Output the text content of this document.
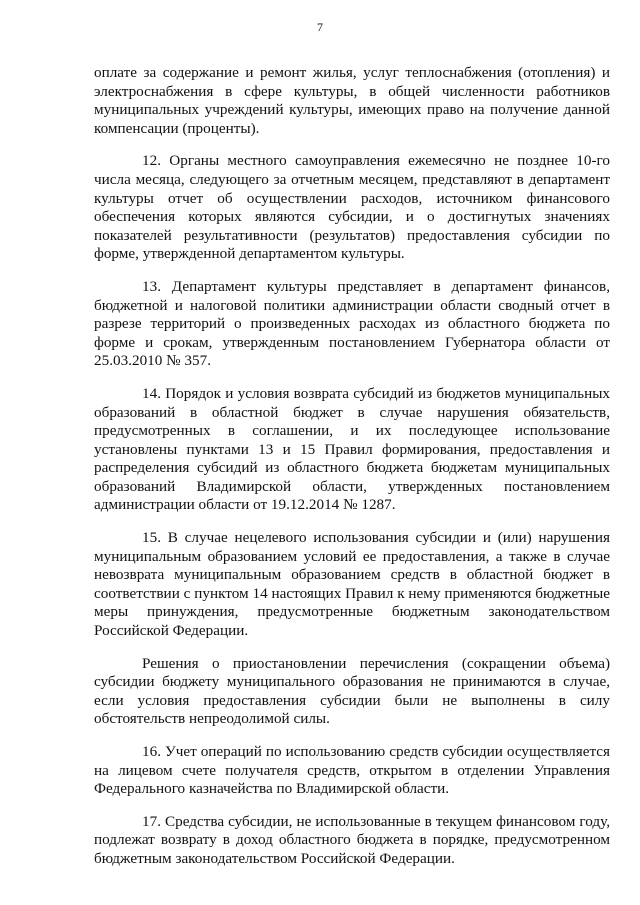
7

оплате за содержание и ремонт жилья, услуг теплоснабжения (отопления) и электроснабжения в сфере культуры, в общей численности работников муниципальных учреждений культуры, имеющих право на получение данной компенсации (проценты).

12. Органы местного самоуправления ежемесячно не позднее 10-го числа месяца, следующего за отчетным месяцем, представляют в департамент культуры отчет об осуществлении расходов, источником финансового обеспечения которых являются субсидии, и о достигнутых значениях показателей результативности (результатов) предоставления субсидии по форме, утвержденной департаментом культуры.

13. Департамент культуры представляет в департамент финансов, бюджетной и налоговой политики администрации области сводный отчет в разрезе территорий о произведенных расходах из областного бюджета по форме и срокам, утвержденным постановлением Губернатора области от 25.03.2010 № 357.

14. Порядок и условия возврата субсидий из бюджетов муниципальных образований в областной бюджет в случае нарушения обязательств, предусмотренных в соглашении, и их последующее использование установлены пунктами 13 и 15 Правил формирования, предоставления и распределения субсидий из областного бюджета бюджетам муниципальных образований Владимирской области, утвержденных постановлением администрации области от 19.12.2014 № 1287.

15. В случае нецелевого использования субсидии и (или) нарушения муниципальным образованием условий ее предоставления, а также в случае невозврата муниципальным образованием средств в областной бюджет в соответствии с пунктом 14 настоящих Правил к нему применяются бюджетные меры принуждения, предусмотренные бюджетным законодательством Российской Федерации.

Решения о приостановлении перечисления (сокращении объема) субсидии бюджету муниципального образования не принимаются в случае, если условия предоставления субсидии были не выполнены в силу обстоятельств непреодолимой силы.

16. Учет операций по использованию средств субсидии осуществляется на лицевом счете получателя средств, открытом в отделении Управления Федерального казначейства по Владимирской области.

17. Средства субсидии, не использованные в текущем финансовом году, подлежат возврату в доход областного бюджета в порядке, предусмотренном бюджетным законодательством Российской Федерации.
